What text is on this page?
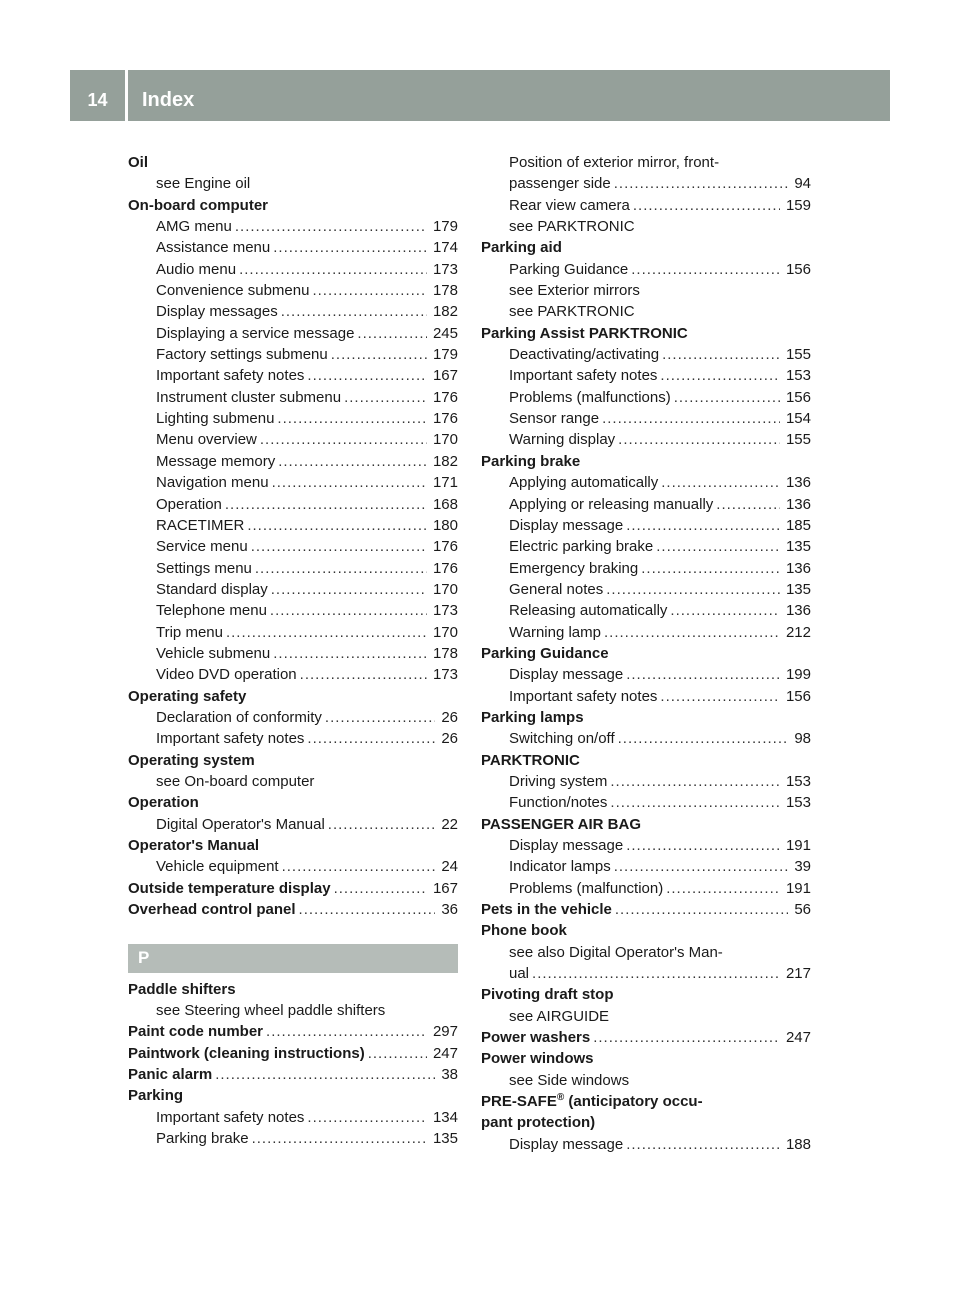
14	Index
Oil
see Engine oil
On-board computer
AMG menu .....	179
Assistance menu .....	174
Audio menu .....	173
Convenience submenu .....	178
Display messages .....	182
Displaying a service message .....	245
Factory settings submenu .....	179
Important safety notes .....	167
Instrument cluster submenu .....	176
Lighting submenu .....	176
Menu overview .....	170
Message memory .....	182
Navigation menu .....	171
Operation .....	168
RACETIMER .....	180
Service menu .....	176
Settings menu .....	176
Standard display .....	170
Telephone menu .....	173
Trip menu .....	170
Vehicle submenu .....	178
Video DVD operation .....	173
Operating safety
Declaration of conformity .....	26
Important safety notes .....	26
Operating system
see On-board computer
Operation
Digital Operator's Manual .....	22
Operator's Manual
Vehicle equipment .....	24
Outside temperature display .....	167
Overhead control panel .....	36
P
Paddle shifters
see Steering wheel paddle shifters
Paint code number .....	297
Paintwork (cleaning instructions) .....	247
Panic alarm .....	38
Parking
Important safety notes .....	134
Parking brake .....	135
Position of exterior mirror, front-
passenger side .....	94
Rear view camera .....	159
see PARKTRONIC
Parking aid
Parking Guidance .....	156
see Exterior mirrors
see PARKTRONIC
Parking Assist PARKTRONIC
Deactivating/activating .....	155
Important safety notes .....	153
Problems (malfunctions) .....	156
Sensor range .....	154
Warning display .....	155
Parking brake
Applying automatically .....	136
Applying or releasing manually .....	136
Display message .....	185
Electric parking brake .....	135
Emergency braking .....	136
General notes .....	135
Releasing automatically .....	136
Warning lamp .....	212
Parking Guidance
Display message .....	199
Important safety notes .....	156
Parking lamps
Switching on/off .....	98
PARKTRONIC
Driving system .....	153
Function/notes .....	153
PASSENGER AIR BAG
Display message .....	191
Indicator lamps .....	39
Problems (malfunction) .....	191
Pets in the vehicle .....	56
Phone book
see also Digital Operator's Man-
ual .....	217
Pivoting draft stop
see AIRGUIDE
Power washers .....	247
Power windows
see Side windows
PRE-SAFE® (anticipatory occu-
pant protection)
Display message .....	188
